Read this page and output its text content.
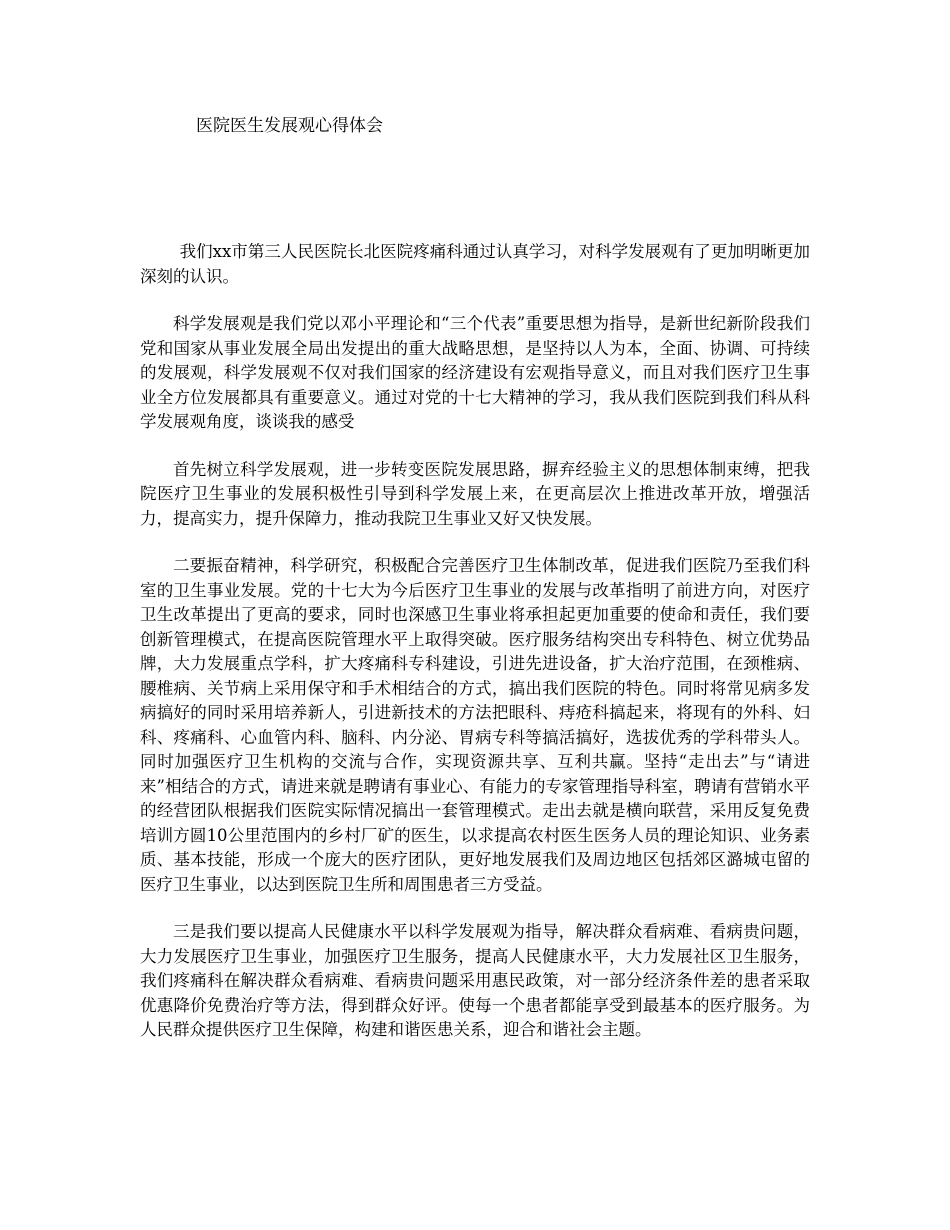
医院医生发展观心得体会

我们xx市第三人民医院长北医院疼痛科通过认真学习，对科学发展观有了更加明晰更加深刻的认识。

科学发展观是我们党以邓小平理论和“三个代表”重要思想为指导，是新世纪新阶段我们党和国家从事业发展全局出发提出的重大战略思想，是坚持以人为本，全面、协调、可持续的发展观，科学发展观不仅对我们国家的经济建设有宏观指导意义，而且对我们医疗卫生事业全方位发展都具有重要意义。通过对党的十七大精神的学习，我从我们医院到我们科从科学发展观角度，谈谈我的感受

首先树立科学发展观，进一步转变医院发展思路，摒弃经验主义的思想体制束缚，把我院医疗卫生事业的发展积极性引导到科学发展上来，在更高层次上推进改革开放，增强活力，提高实力，提升保障力，推动我院卫生事业又好又快发展。

二要振奋精神，科学研究，积极配合完善医疗卫生体制改革，促进我们医院乃至我们科室的卫生事业发展。党的十七大为今后医疗卫生事业的发展与改革指明了前进方向，对医疗卫生改革提出了更高的要求，同时也深感卫生事业将承担起更加重要的使命和责任，我们要创新管理模式，在提高医院管理水平上取得突破。医疗服务结构突出专科特色、树立优势品牌，大力发展重点学科，扩大疼痛科专科建设，引进先进设备，扩大治疗范围，在颈椎病、腰椎病、关节病上采用保守和手术相结合的方式，搞出我们医院的特色。同时将常见病多发病搞好的同时采用培养新人，引进新技术的方法把眼科、痔疮科搞起来，将现有的外科、妇科、疼痛科、心血管内科、脑科、内分泌、胃病专科等搞活搞好，选拔优秀的学科带头人。同时加强医疗卫生机构的交流与合作，实现资源共享、互利共赢。坚持“走出去”与“请进来”相结合的方式，请进来就是聘请有事业心、有能力的专家管理指导科室，聘请有营销水平的经营团队根据我们医院实际情况搞出一套管理模式。走出去就是横向联营，采用反复免费培训方圆10公里范围内的乡村厂矿的医生，以求提高农村医生医务人员的理论知识、业务素质、基本技能，形成一个庞大的医疗团队，更好地发展我们及周边地区包括郊区潞城屯留的医疗卫生事业，以达到医院卫生所和周围患者三方受益。

三是我们要以提高人民健康水平以科学发展观为指导，解决群众看病难、看病贵问题，大力发展医疗卫生事业，加强医疗卫生服务，提高人民健康水平，大力发展社区卫生服务，我们疼痛科在解决群众看病难、看病贵问题采用惠民政策，对一部分经济条件差的患者采取优惠降价免费治疗等方法，得到群众好评。使每一个患者都能享受到最基本的医疗服务。为人民群众提供医疗卫生保障，构建和谐医患关系，迎合和谐社会主题。
